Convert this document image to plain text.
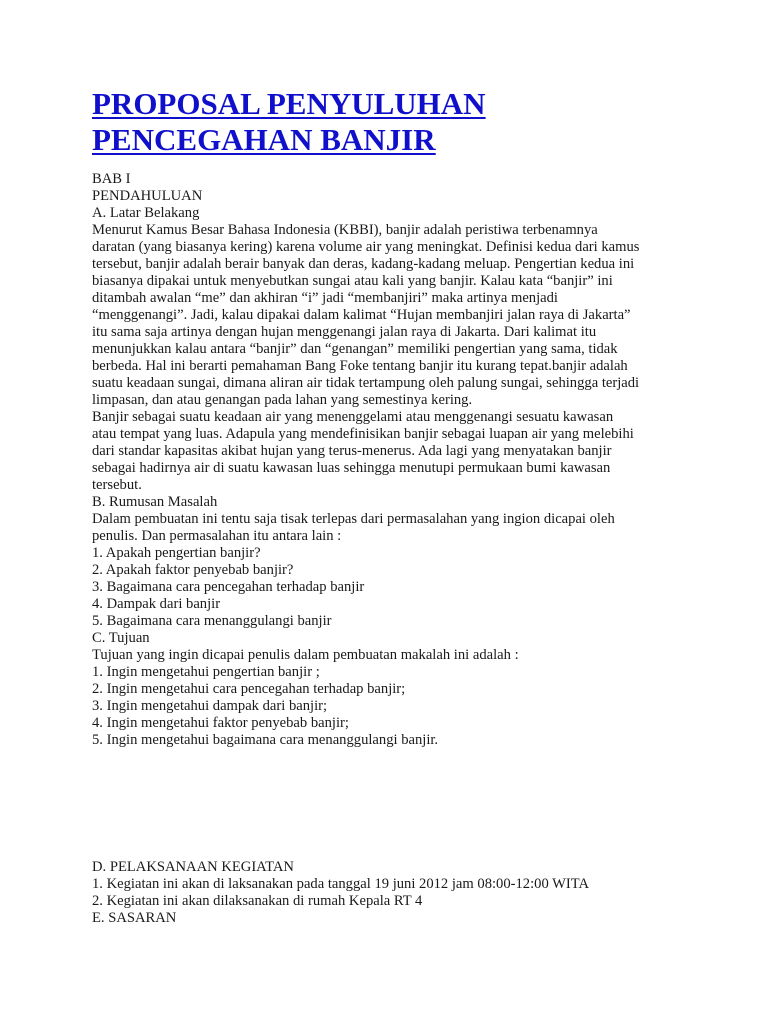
PROPOSAL PENYULUHAN
PENCEGAHAN BANJIR
BAB I
PENDAHULUAN
A. Latar Belakang
Menurut Kamus Besar Bahasa Indonesia (KBBI), banjir adalah peristiwa terbenamnya
daratan (yang biasanya kering) karena volume air yang meningkat. Definisi kedua dari kamus
tersebut, banjir adalah berair banyak dan deras, kadang-kadang meluap. Pengertian kedua ini
biasanya dipakai untuk menyebutkan sungai atau kali yang banjir. Kalau kata “banjir” ini
ditambah awalan “me” dan akhiran “i” jadi “membanjiri” maka artinya menjadi
“menggenangi”. Jadi, kalau dipakai dalam kalimat “Hujan membanjiri jalan raya di Jakarta”
itu sama saja artinya dengan hujan menggenangi jalan raya di Jakarta. Dari kalimat itu
menunjukkan kalau antara “banjir” dan “genangan” memiliki pengertian yang sama, tidak
berbeda. Hal ini berarti pemahaman Bang Foke tentang banjir itu kurang tepat.banjir adalah
suatu keadaan sungai, dimana aliran air tidak tertampung oleh palung sungai, sehingga terjadi
limpasan, dan atau genangan pada lahan yang semestinya kering.
Banjir sebagai suatu keadaan air yang menenggelami atau menggenangi sesuatu kawasan
atau tempat yang luas. Adapula yang mendefinisikan banjir sebagai luapan air yang melebihi
dari standar kapasitas akibat hujan yang terus-menerus. Ada lagi yang menyatakan banjir
sebagai hadirnya air di suatu kawasan luas sehingga menutupi permukaan bumi kawasan
tersebut.
B. Rumusan Masalah
Dalam pembuatan ini tentu saja tisak terlepas dari permasalahan yang ingion dicapai oleh
penulis. Dan permasalahan itu antara lain :
1. Apakah pengertian banjir?
2. Apakah faktor penyebab banjir?
3. Bagaimana cara pencegahan terhadap banjir
4. Dampak dari banjir
5. Bagaimana cara menanggulangi banjir
C. Tujuan
Tujuan yang ingin dicapai penulis dalam pembuatan makalah ini adalah :
1. Ingin mengetahui pengertian banjir ;
2. Ingin mengetahui cara pencegahan terhadap banjir;
3. Ingin mengetahui dampak dari banjir;
4. Ingin mengetahui faktor penyebab banjir;
5. Ingin mengetahui bagaimana cara menanggulangi banjir.
D. PELAKSANAAN KEGIATAN
1. Kegiatan ini akan di laksanakan pada tanggal 19 juni 2012 jam 08:00-12:00 WITA
2. Kegiatan ini akan dilaksanakan di rumah Kepala RT 4
E. SASARAN
